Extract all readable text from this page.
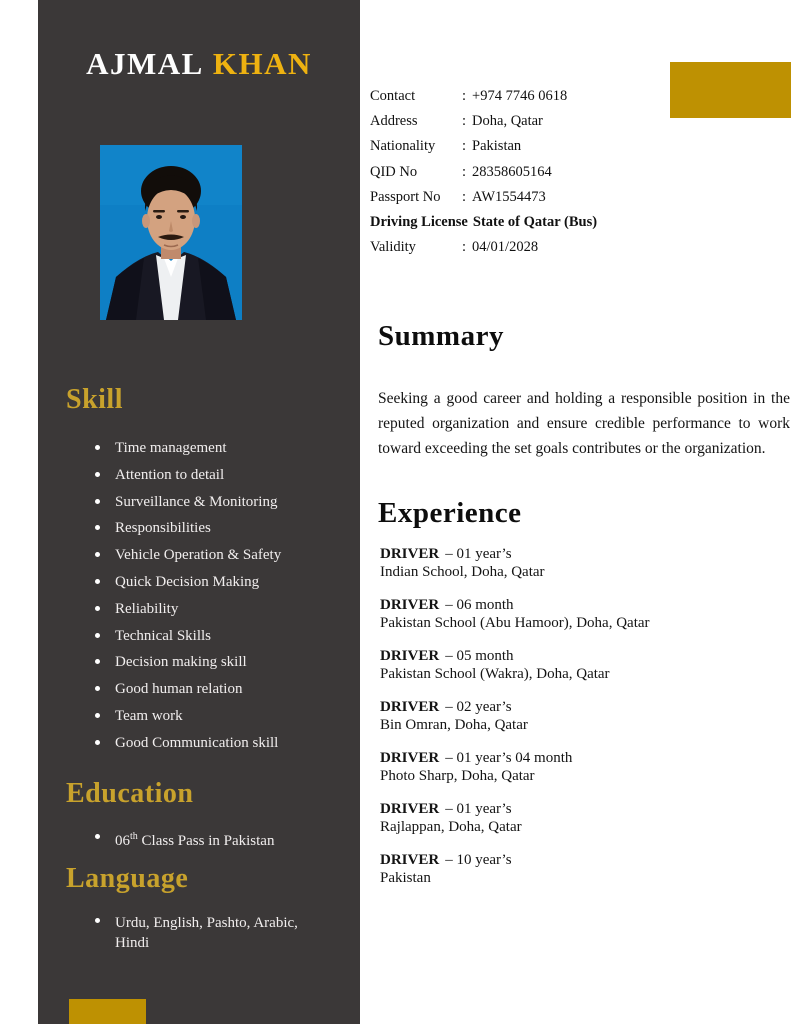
AJMAL KHAN
Skill
Time management
Attention to detail
Surveillance & Monitoring
Responsibilities
Vehicle Operation & Safety
Quick Decision Making
Reliability
Technical Skills
Decision making skill
Good human relation
Team work
Good Communication skill
Education
06th Class Pass in Pakistan
Language
Urdu, English, Pashto, Arabic, Hindi
Contact	: +974 7746 0618
Address	: Doha, Qatar
Nationality	: Pakistan
QID No	: 28358605164
Passport No	: AW1554473
Driving License State of Qatar (Bus)
Validity	: 04/01/2028
Summary

Seeking a good career and holding a responsible position in the reputed organization and ensure credible performance to work toward exceeding the set goals contributes or the organization.

Experience
DRIVER – 01 year’s
Indian School, Doha, Qatar
DRIVER – 06 month
Pakistan School (Abu Hamoor), Doha, Qatar
DRIVER – 05 month
Pakistan School (Wakra), Doha, Qatar
DRIVER – 02 year’s
Bin Omran, Doha, Qatar
DRIVER – 01 year’s 04 month
Photo Sharp, Doha, Qatar
DRIVER – 01 year’s
Rajlappan, Doha, Qatar
DRIVER – 10 year’s
Pakistan
